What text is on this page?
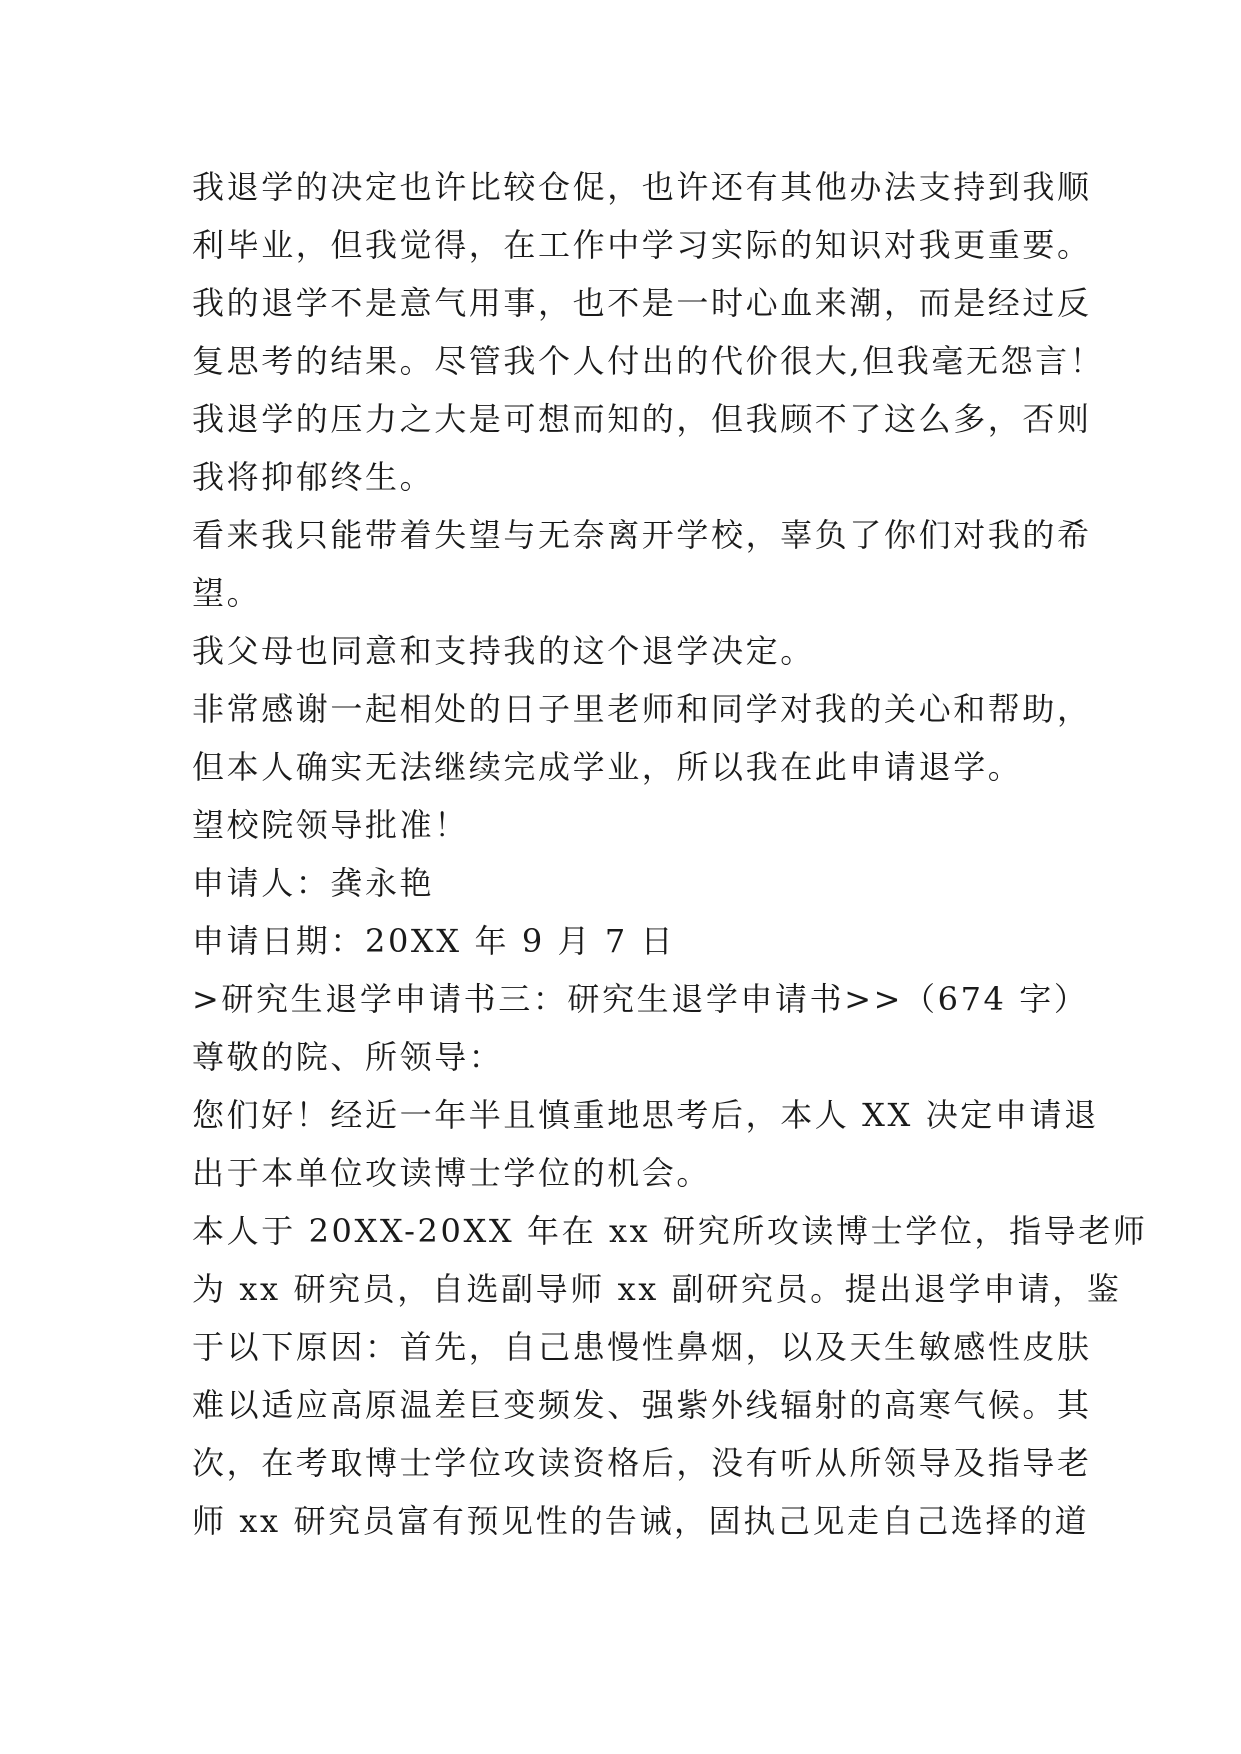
我退学的决定也许比较仓促，也许还有其他办法支持到我顺
利毕业，但我觉得，在工作中学习实际的知识对我更重要。
我的退学不是意气用事，也不是一时心血来潮，而是经过反
复思考的结果。尽管我个人付出的代价很大,但我毫无怨言！
我退学的压力之大是可想而知的，但我顾不了这么多，否则
我将抑郁终生。
看来我只能带着失望与无奈离开学校，辜负了你们对我的希
望。
我父母也同意和支持我的这个退学决定。
非常感谢一起相处的日子里老师和同学对我的关心和帮助，
但本人确实无法继续完成学业，所以我在此申请退学。
望校院领导批准！
申请人：龚永艳
申请日期：20XX 年 9 月 7 日
>研究生退学申请书三：研究生退学申请书>>（674 字）
尊敬的院、所领导：
您们好！经近一年半且慎重地思考后，本人 XX 决定申请退
出于本单位攻读博士学位的机会。
本人于 20XX-20XX 年在 xx 研究所攻读博士学位，指导老师
为 xx 研究员，自选副导师 xx 副研究员。提出退学申请，鉴
于以下原因：首先，自己患慢性鼻烟，以及天生敏感性皮肤
难以适应高原温差巨变频发、强紫外线辐射的高寒气候。其
次，在考取博士学位攻读资格后，没有听从所领导及指导老
师 xx 研究员富有预见性的告诫，固执己见走自己选择的道
